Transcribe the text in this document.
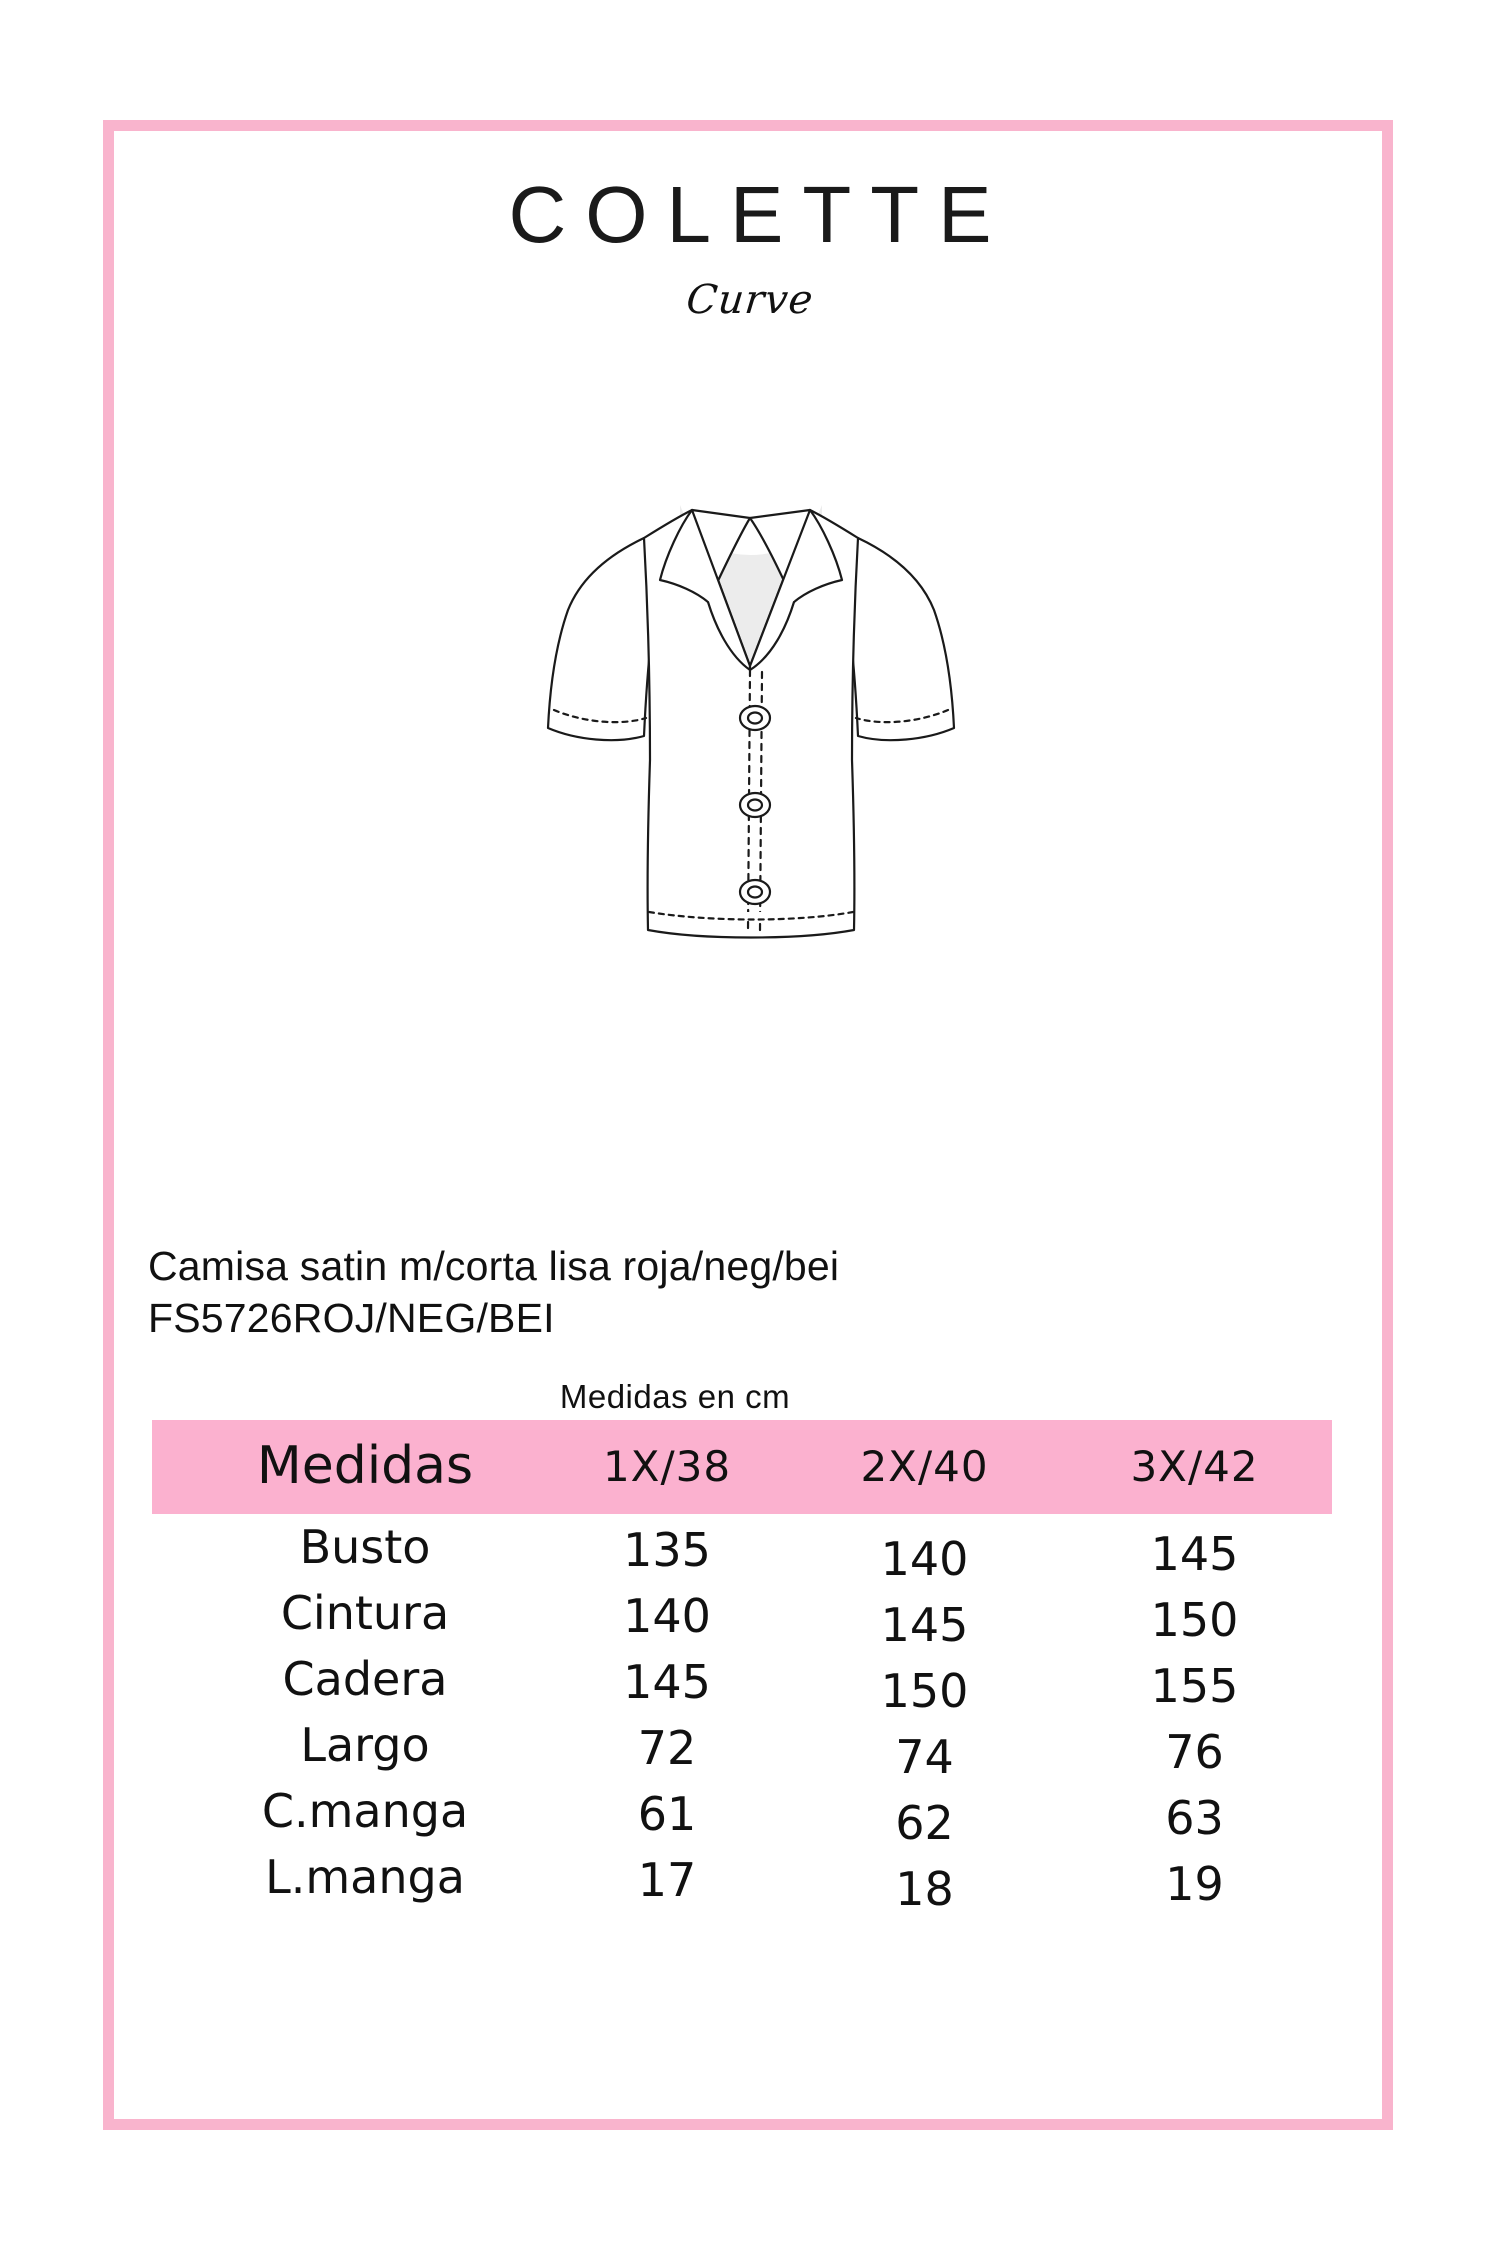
COLETTE
Curve
Camisa satin m/corta lisa roja/neg/bei
FS5726ROJ/NEG/BEI
Medidas en cm
Medidas	1X/38	2X/40	3X/42
Busto	135	140	145
Cintura	140	145	150
Cadera	145	150	155
Largo	72	74	76
C.manga	61	62	63
L.manga	17	18	19
